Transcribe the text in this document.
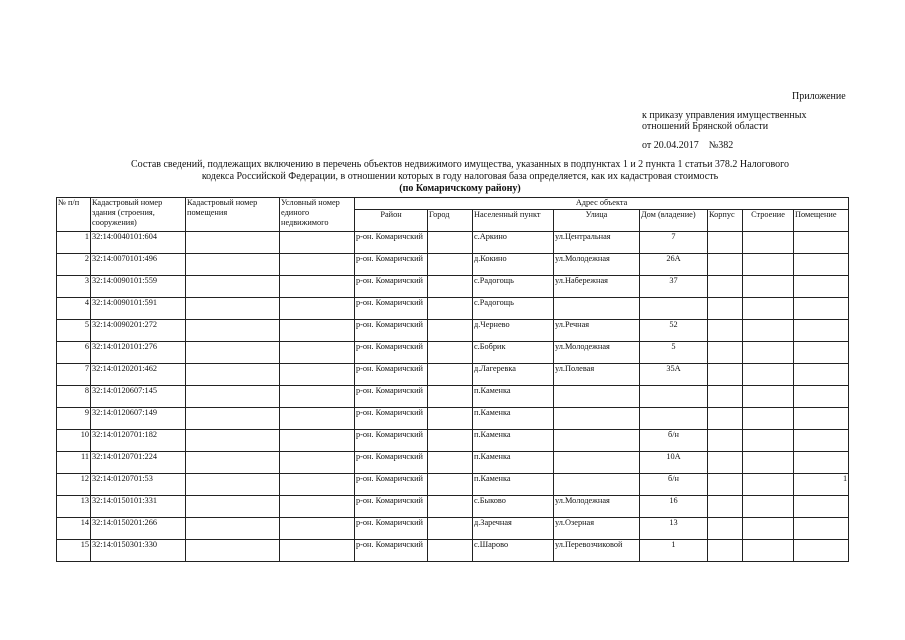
Приложение
к приказу управления имущественных
отношений Брянской области
от 20.04.2017 №382
Состав сведений, подлежащих включению в перечень объектов недвижимого имущества, указанных в подпунктах 1 и 2 пункта 1 статьи 378.2 Налогового
кодекса Российской Федерации, в отношении которых в году налоговая база определяется, как их кадастровая стоимость
(по Комаричскому району)
№ п/п	Кадастровый номер здания (строения, сооружения)	Кадастровый номер помещения	Условный номер единого недвижимого	Адрес объекта							
				Район	Город	Населенный пункт	Улица	Дом (владение)	Корпус	Строение	Помещение
1	32:14:0040101:604			р-он. Комаричский		с.Аркино	ул.Центральная	7			
2	32:14:0070101:496			р-он. Комаричский		д.Кокино	ул.Молодежная	26А			
3	32:14:0090101:559			р-он. Комаричский		с.Радогощь	ул.Набережная	37			
4	32:14:0090101:591			р-он. Комаричский		с.Радогощь					
5	32:14:0090201:272			р-он. Комаричский		д.Черневo	ул.Речная	52			
6	32:14:0120101:276			р-он. Комаричский		с.Бобрик	ул.Молодежная	5			
7	32:14:0120201:462			р-он. Комаричский		д.Лагеревка	ул.Полевая	35А			
8	32:14:0120607:145			р-он. Комаричский		п.Каменка					
9	32:14:0120607:149			р-он. Комаричский		п.Каменка					
10	32:14:0120701:182			р-он. Комаричский		п.Каменка		б/н			
11	32:14:0120701:224			р-он. Комаричский		п.Каменка		10А			
12	32:14:0120701:53			р-он. Комаричский		п.Каменка		б/н			1
13	32:14:0150101:331			р-он. Комаричский		с.Быково	ул.Молодежная	16			
14	32:14:0150201:266			р-он. Комаричский		д.Заречная	ул.Озерная	13			
15	32:14:0150301:330			р-он. Комаричский		с.Шарово	ул.Перевозчиковой	1			
